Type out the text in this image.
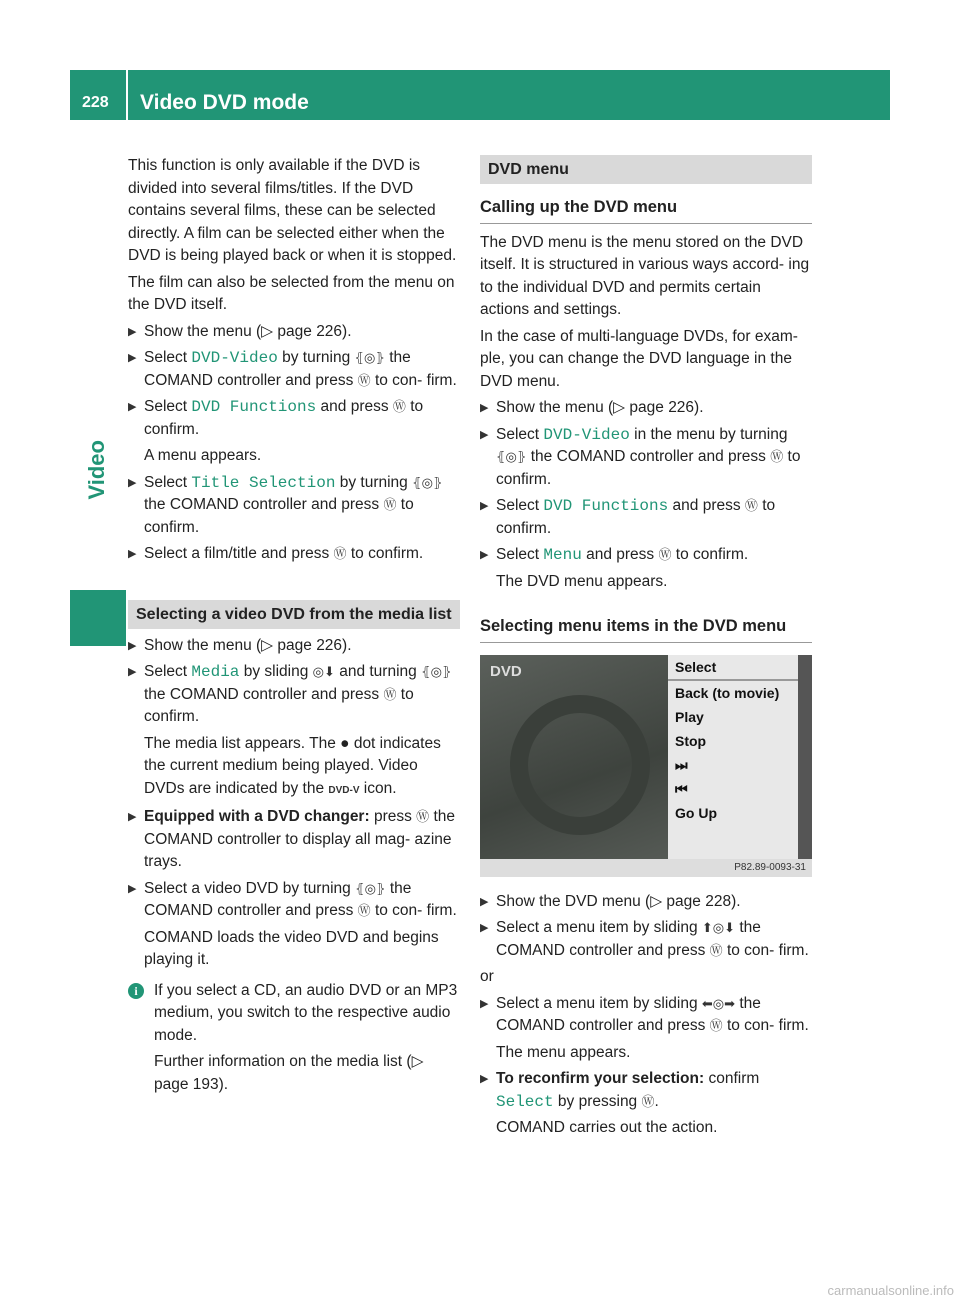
228 Video DVD mode
Video

This function is only available if the DVD is divided into several films/titles. If the DVD contains several films, these can be selected directly. A film can be selected either when the DVD is being played back or when it is stopped.

The film can also be selected from the menu on the DVD itself.

▶ Show the menu (▷ page 226).
▶ Select DVD-Video by turning ⦃◎⦄ the COMAND controller and press Ⓦ to con- firm.
▶ Select DVD Functions and press Ⓦ to confirm.
A menu appears.
▶ Select Title Selection by turning ⦃◎⦄ the COMAND controller and press Ⓦ to confirm.
▶ Select a film/title and press Ⓦ to confirm.
Selecting a video DVD from the media list
▶ Show the menu (▷ page 226).
▶ Select Media by sliding ◎⬇ and turning ⦃◎⦄ the COMAND controller and press Ⓦ to confirm.
The media list appears. The ● dot indicates the current medium being played. Video DVDs are indicated by the DVD-V icon.
▶ Equipped with a DVD changer: press Ⓦ the COMAND controller to display all mag- azine trays.
▶ Select a video DVD by turning ⦃◎⦄ the COMAND controller and press Ⓦ to con- firm.
COMAND loads the video DVD and begins playing it.
i	If you select a CD, an audio DVD or an MP3 medium, you switch to the respective audio mode.

Further information on the media list (▷ page 193).

DVD menu
Calling up the DVD menu

The DVD menu is the menu stored on the DVD itself. It is structured in various ways accord- ing to the individual DVD and permits certain actions and settings.

In the case of multi-language DVDs, for exam- ple, you can change the DVD language in the DVD menu.

▶ Show the menu (▷ page 226).
▶ Select DVD-Video in the menu by turning ⦃◎⦄ the COMAND controller and press Ⓦ to confirm.
▶ Select DVD Functions and press Ⓦ to confirm.
▶ Select Menu and press Ⓦ to confirm.
The DVD menu appears.
Selecting menu items in the DVD menu
DVD	Select
Back (to movie)
Play
Stop
⏭
⏮
Go Up
P82.89-0093-31
▶ Show the DVD menu (▷ page 228).
▶ Select a menu item by sliding ⬆◎⬇ the COMAND controller and press Ⓦ to con- firm.
or
▶ Select a menu item by sliding ⬅◎➡ the COMAND controller and press Ⓦ to con- firm.
The menu appears.
▶ To reconfirm your selection: confirm Select by pressing Ⓦ.
COMAND carries out the action.
carmanualsonline.info
